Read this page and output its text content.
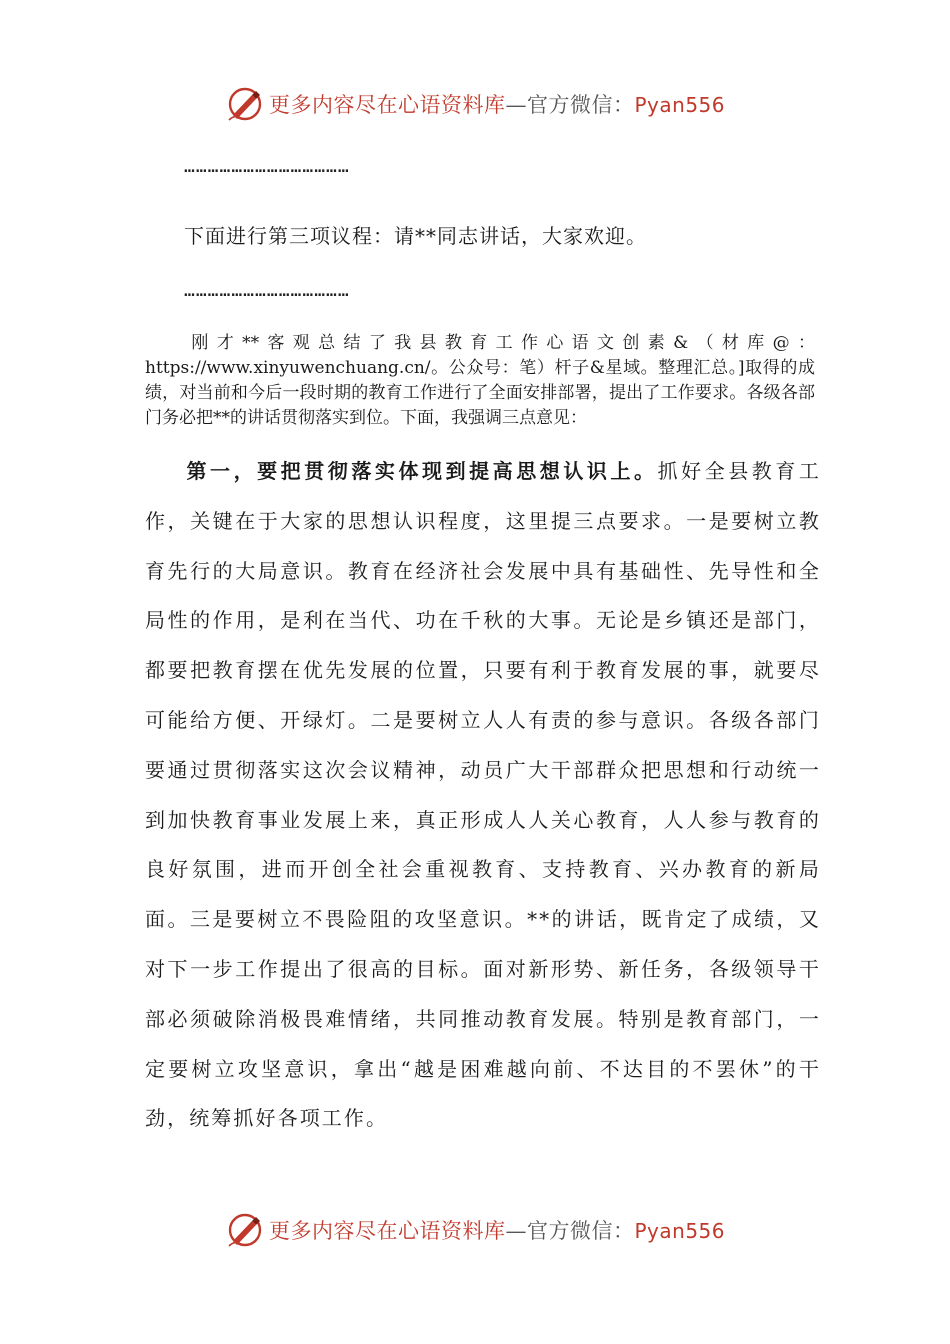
更多内容尽在心语资料库—官方微信：Pyan556
……………………………………
下面进行第三项议程：请**同志讲话，大家欢迎。
……………………………………
刚才**客观总结了我县教育工作心语文创素&（材库@：https://www.xinyuwenchuang.cn/。公众号：笔）杆子&星域。整理汇总。]取得的成绩，对当前和今后一段时期的教育工作进行了全面安排部署，提出了工作要求。各级各部门务必把**的讲话贯彻落实到位。下面，我强调三点意见：
第一，要把贯彻落实体现到提高思想认识上。抓好全县教育工作，关键在于大家的思想认识程度，这里提三点要求。一是要树立教育先行的大局意识。教育在经济社会发展中具有基础性、先导性和全局性的作用，是利在当代、功在千秋的大事。无论是乡镇还是部门，都要把教育摆在优先发展的位置，只要有利于教育发展的事，就要尽可能给方便、开绿灯。二是要树立人人有责的参与意识。各级各部门要通过贯彻落实这次会议精神，动员广大干部群众把思想和行动统一到加快教育事业发展上来，真正形成人人关心教育，人人参与教育的良好氛围，进而开创全社会重视教育、支持教育、兴办教育的新局面。三是要树立不畏险阻的攻坚意识。**的讲话，既肯定了成绩，又对下一步工作提出了很高的目标。面对新形势、新任务，各级领导干部必须破除消极畏难情绪，共同推动教育发展。特别是教育部门，一定要树立攻坚意识，拿出“越是困难越向前、不达目的不罢休”的干劲，统筹抓好各项工作。
更多内容尽在心语资料库—官方微信：Pyan556
